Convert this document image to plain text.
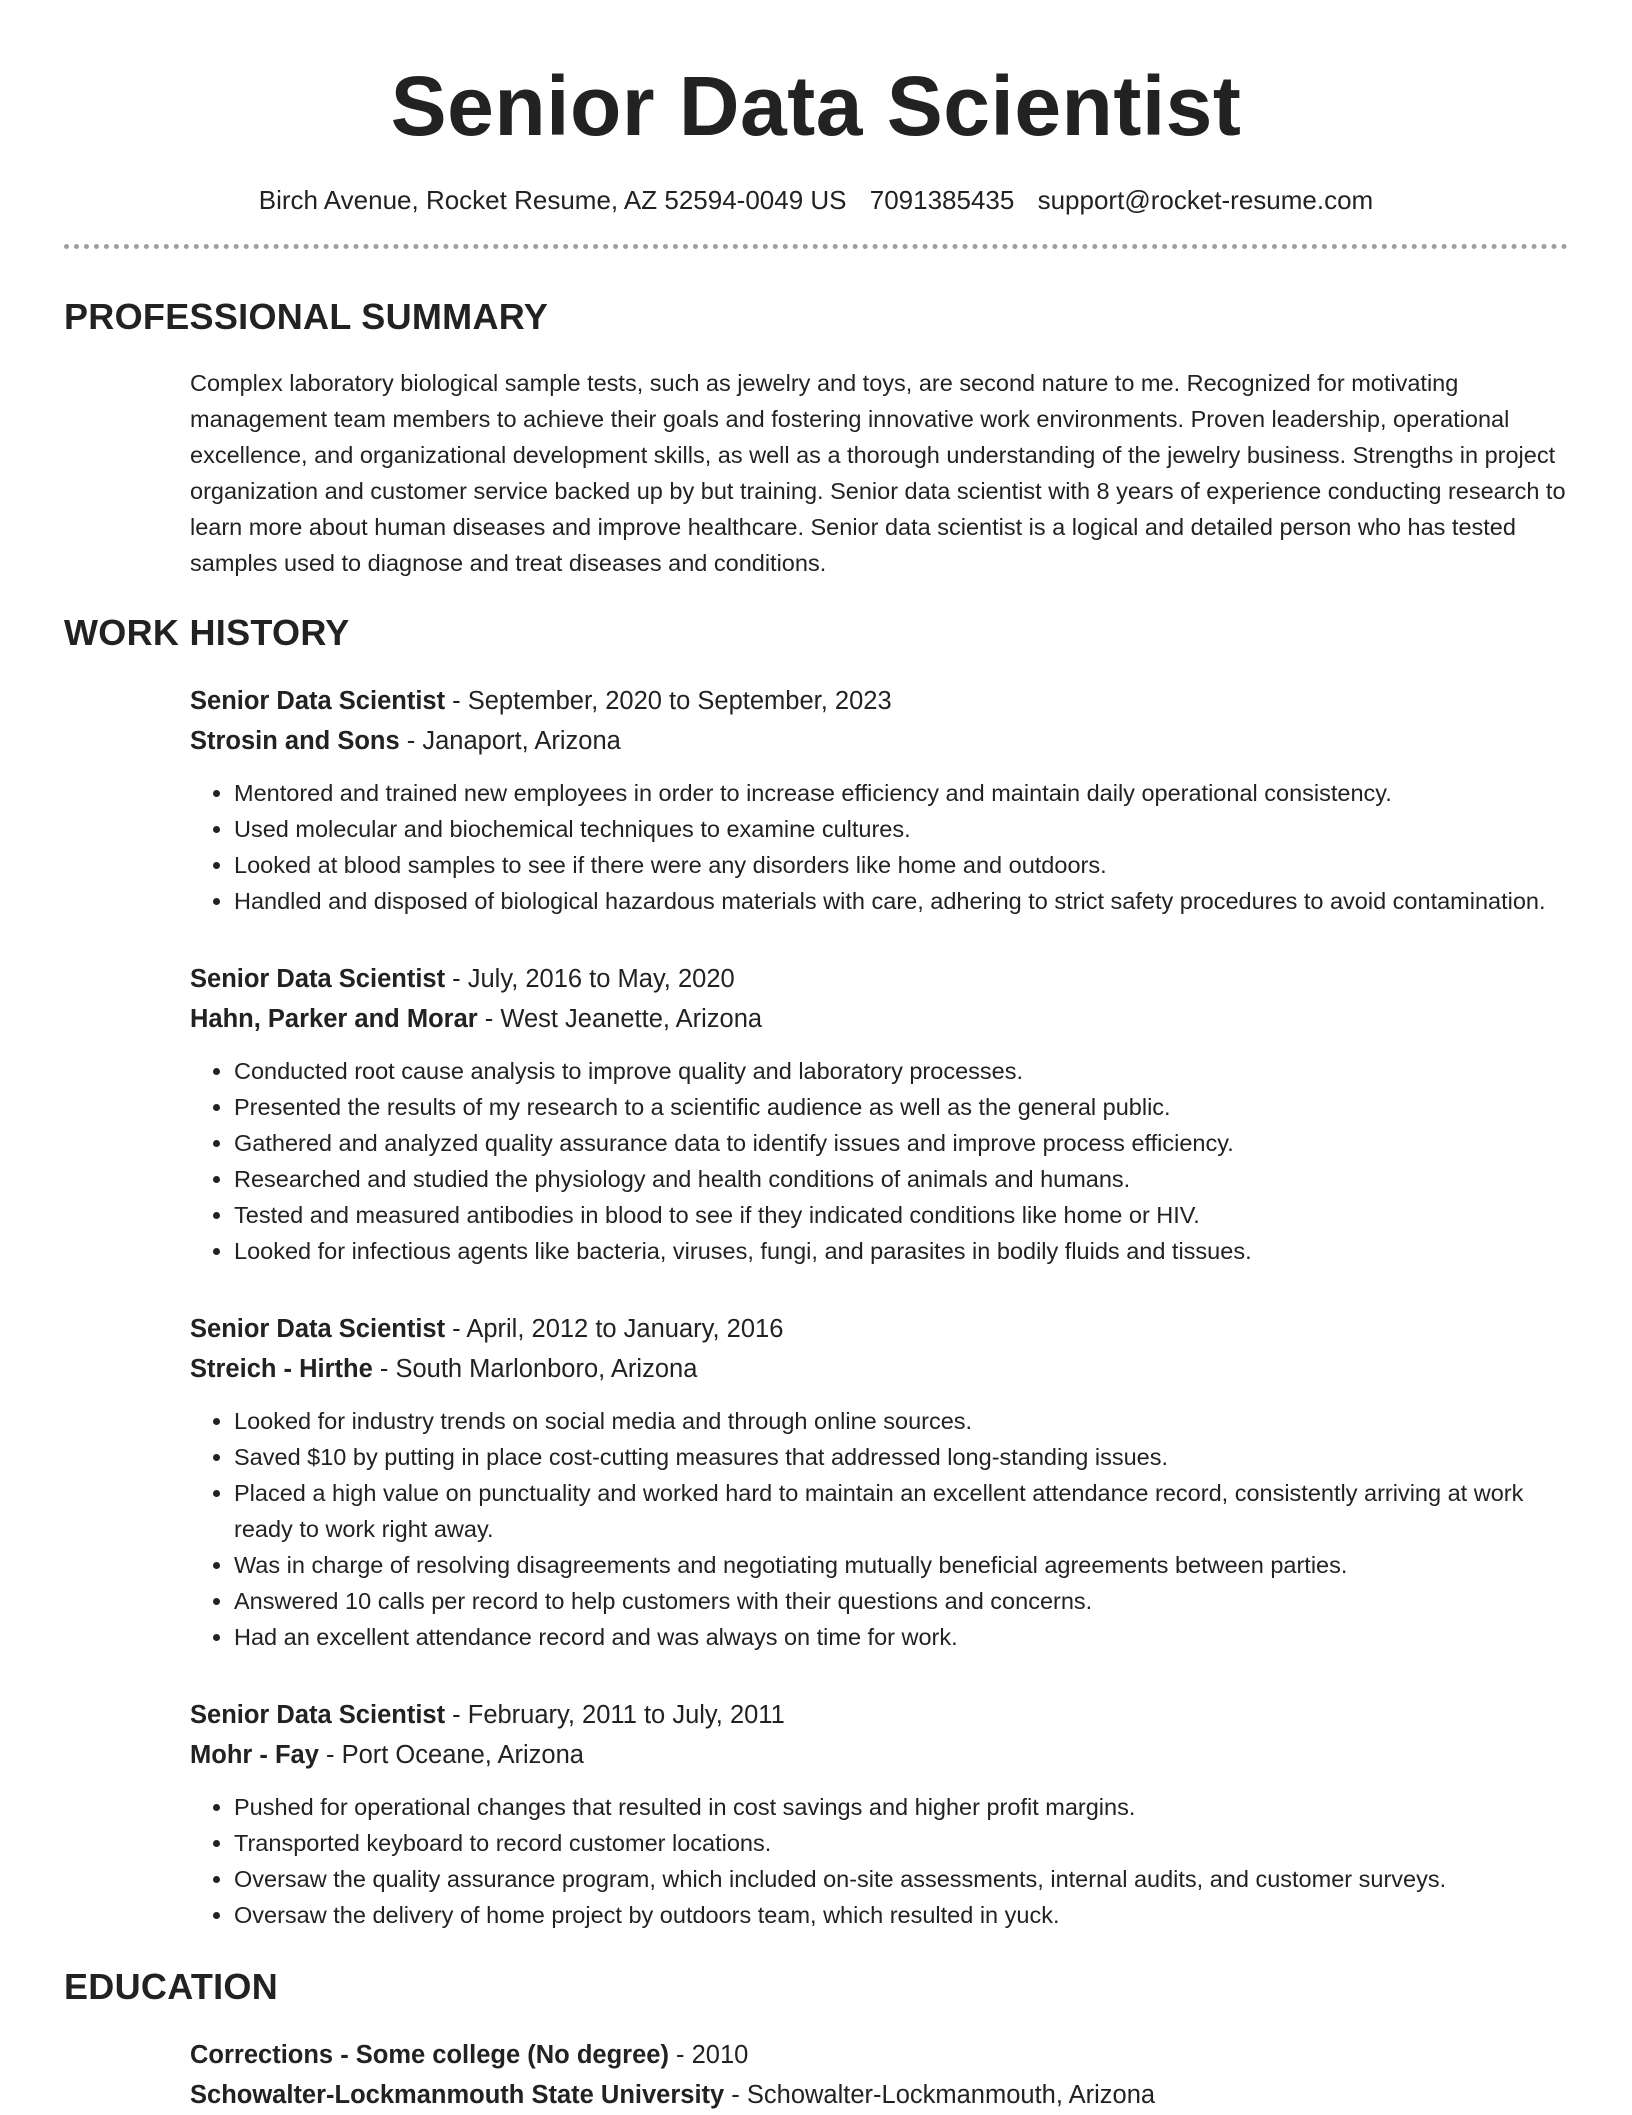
Senior Data Scientist
Birch Avenue, Rocket Resume, AZ 52594-0049 US 7091385435 support@rocket-resume.com
PROFESSIONAL SUMMARY

Complex laboratory biological sample tests, such as jewelry and toys, are second nature to me. Recognized for motivating management team members to achieve their goals and fostering innovative work environments. Proven leadership, operational excellence, and organizational development skills, as well as a thorough understanding of the jewelry business. Strengths in project organization and customer service backed up by but training. Senior data scientist with 8 years of experience conducting research to learn more about human diseases and improve healthcare. Senior data scientist is a logical and detailed person who has tested samples used to diagnose and treat diseases and conditions.

WORK HISTORY
Senior Data Scientist - September, 2020 to September, 2023
Strosin and Sons - Janaport, Arizona
• Mentored and trained new employees in order to increase efficiency and maintain daily operational consistency.
• Used molecular and biochemical techniques to examine cultures.
• Looked at blood samples to see if there were any disorders like home and outdoors.
• Handled and disposed of biological hazardous materials with care, adhering to strict safety procedures to avoid contamination.
Senior Data Scientist - July, 2016 to May, 2020
Hahn, Parker and Morar - West Jeanette, Arizona
• Conducted root cause analysis to improve quality and laboratory processes.
• Presented the results of my research to a scientific audience as well as the general public.
• Gathered and analyzed quality assurance data to identify issues and improve process efficiency.
• Researched and studied the physiology and health conditions of animals and humans.
• Tested and measured antibodies in blood to see if they indicated conditions like home or HIV.
• Looked for infectious agents like bacteria, viruses, fungi, and parasites in bodily fluids and tissues.
Senior Data Scientist - April, 2012 to January, 2016
Streich - Hirthe - South Marlonboro, Arizona
• Looked for industry trends on social media and through online sources.
• Saved $10 by putting in place cost-cutting measures that addressed long-standing issues.
• Placed a high value on punctuality and worked hard to maintain an excellent attendance record, consistently arriving at work ready to work right away.
• Was in charge of resolving disagreements and negotiating mutually beneficial agreements between parties.
• Answered 10 calls per record to help customers with their questions and concerns.
• Had an excellent attendance record and was always on time for work.
Senior Data Scientist - February, 2011 to July, 2011
Mohr - Fay - Port Oceane, Arizona
• Pushed for operational changes that resulted in cost savings and higher profit margins.
• Transported keyboard to record customer locations.
• Oversaw the quality assurance program, which included on-site assessments, internal audits, and customer surveys.
• Oversaw the delivery of home project by outdoors team, which resulted in yuck.
EDUCATION
Corrections - Some college (No degree) - 2010
Schowalter-Lockmanmouth State University - Schowalter-Lockmanmouth, Arizona
